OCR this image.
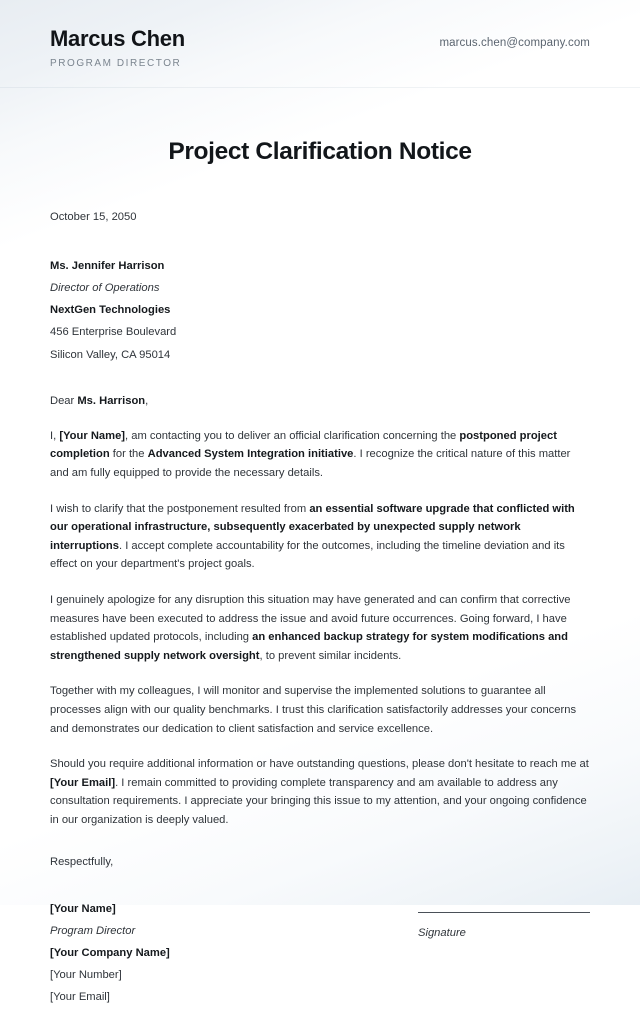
Marcus Chen	marcus.chen@company.com
PROGRAM DIRECTOR
Project Clarification Notice
October 15, 2050
Ms. Jennifer Harrison
Director of Operations
NextGen Technologies
456 Enterprise Boulevard
Silicon Valley, CA 95014
Dear Ms. Harrison,
I, [Your Name], am contacting you to deliver an official clarification concerning the postponed project completion for the Advanced System Integration initiative. I recognize the critical nature of this matter and am fully equipped to provide the necessary details.
I wish to clarify that the postponement resulted from an essential software upgrade that conflicted with our operational infrastructure, subsequently exacerbated by unexpected supply network interruptions. I accept complete accountability for the outcomes, including the timeline deviation and its effect on your department's project goals.
I genuinely apologize for any disruption this situation may have generated and can confirm that corrective measures have been executed to address the issue and avoid future occurrences. Going forward, I have established updated protocols, including an enhanced backup strategy for system modifications and strengthened supply network oversight, to prevent similar incidents.
Together with my colleagues, I will monitor and supervise the implemented solutions to guarantee all processes align with our quality benchmarks. I trust this clarification satisfactorily addresses your concerns and demonstrates our dedication to client satisfaction and service excellence.
Should you require additional information or have outstanding questions, please don't hesitate to reach me at [Your Email]. I remain committed to providing complete transparency and am available to address any consultation requirements. I appreciate your bringing this issue to my attention, and your ongoing confidence in our organization is deeply valued.
Respectfully,
[Your Name]
Program Director
[Your Company Name]
[Your Number]
[Your Email]
Signature
